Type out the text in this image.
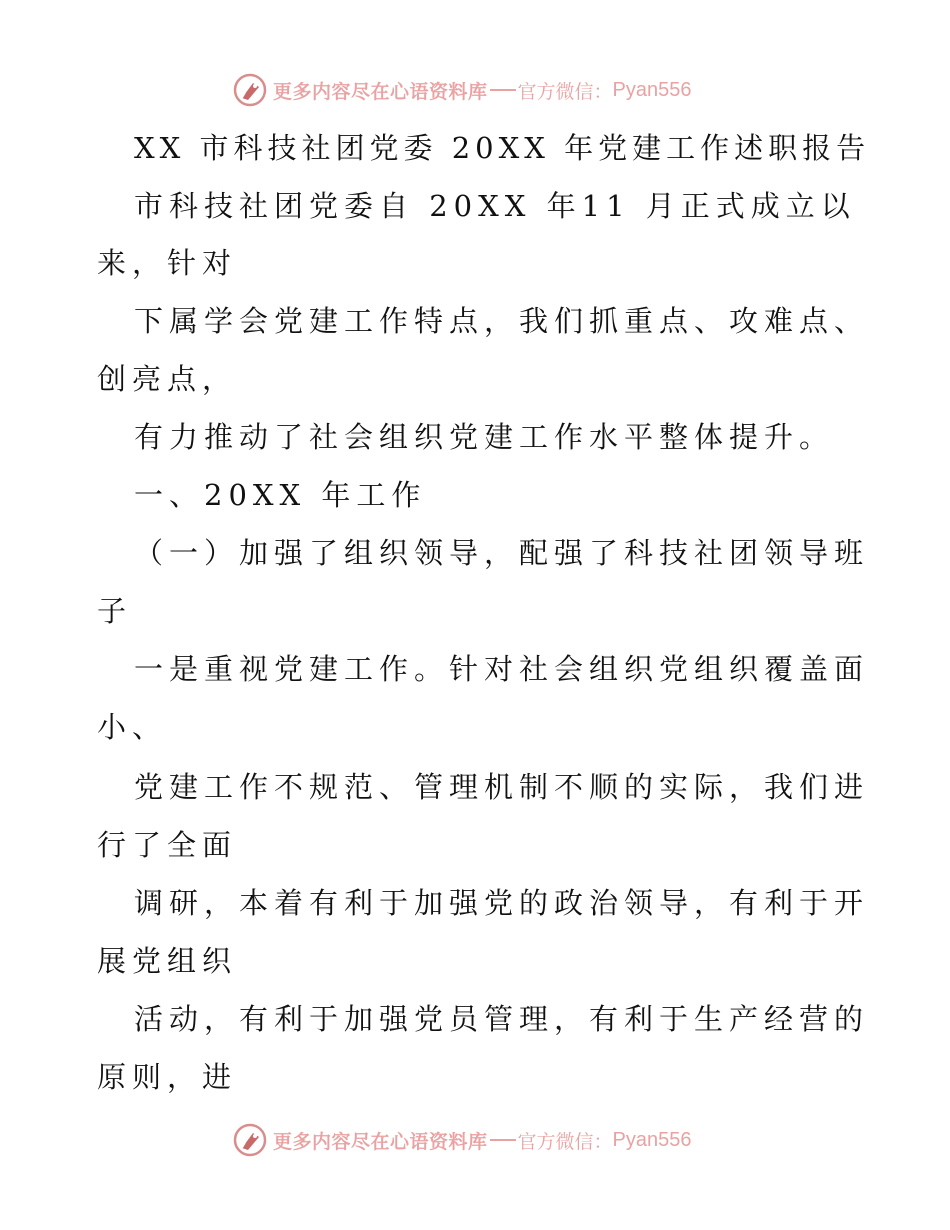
更多内容尽在心语资料库 官方微信： Pyan556
XX 市科技社团党委 20XX 年党建工作述职报告
市科技社团党委自 20XX 年11 月正式成立以
来，针对
下属学会党建工作特点，我们抓重点、攻难点、
创亮点，
有力推动了社会组织党建工作水平整体提升。
一、20XX 年工作
（一）加强了组织领导，配强了科技社团领导班
子
一是重视党建工作。针对社会组织党组织覆盖面
小、
党建工作不规范、管理机制不顺的实际，我们进
行了全面
调研，本着有利于加强党的政治领导，有利于开
展党组织
活动，有利于加强党员管理，有利于生产经营的
原则，进
更多内容尽在心语资料库 官方微信： Pyan556
